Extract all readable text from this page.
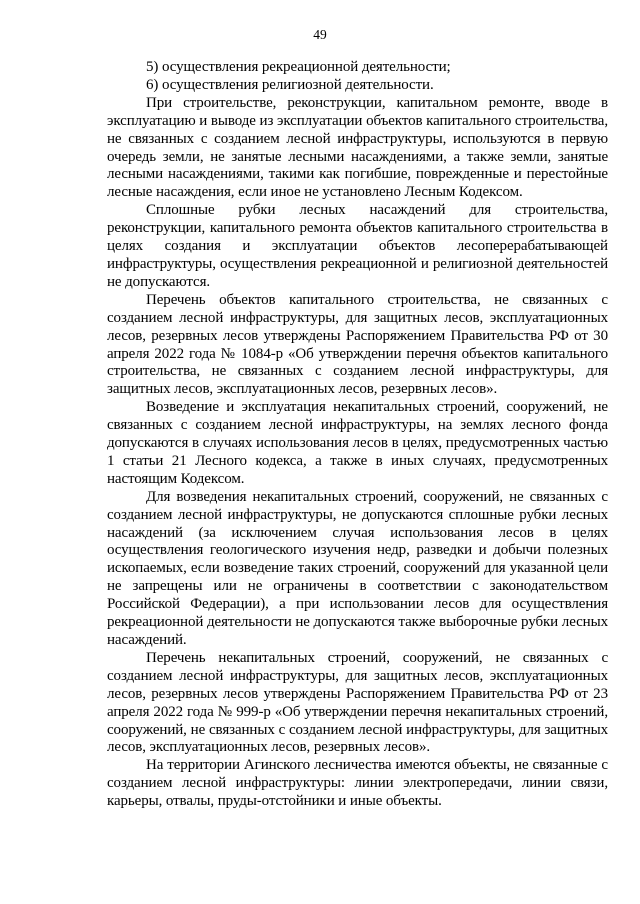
49

5) осуществления рекреационной деятельности;

6) осуществления религиозной деятельности.

При строительстве, реконструкции, капитальном ремонте, вводе в эксплуатацию и выводе из эксплуатации объектов капитального строительства, не связанных с созданием лесной инфраструктуры, используются в первую очередь земли, не занятые лесными насаждениями, а также земли, занятые лесными насаждениями, такими как погибшие, поврежденные и перестойные лесные насаждения, если иное не установлено Лесным Кодексом.

Сплошные рубки лесных насаждений для строительства, реконструкции, капитального ремонта объектов капитального строительства в целях создания и эксплуатации объектов лесоперерабатывающей инфраструктуры, осуществления рекреационной и религиозной деятельностей не допускаются.

Перечень объектов капитального строительства, не связанных с созданием лесной инфраструктуры, для защитных лесов, эксплуатационных лесов, резервных лесов утверждены Распоряжением Правительства РФ от 30 апреля 2022 года № 1084-р «Об утверждении перечня объектов капитального строительства, не связанных с созданием лесной инфраструктуры, для защитных лесов, эксплуатационных лесов, резервных лесов».

Возведение и эксплуатация некапитальных строений, сооружений, не связанных с созданием лесной инфраструктуры, на землях лесного фонда допускаются в случаях использования лесов в целях, предусмотренных частью 1 статьи 21 Лесного кодекса, а также в иных случаях, предусмотренных настоящим Кодексом.

Для возведения некапитальных строений, сооружений, не связанных с созданием лесной инфраструктуры, не допускаются сплошные рубки лесных насаждений (за исключением случая использования лесов в целях осуществления геологического изучения недр, разведки и добычи полезных ископаемых, если возведение таких строений, сооружений для указанной цели не запрещены или не ограничены в соответствии с законодательством Российской Федерации), а при использовании лесов для осуществления рекреационной деятельности не допускаются также выборочные рубки лесных насаждений.

Перечень некапитальных строений, сооружений, не связанных с созданием лесной инфраструктуры, для защитных лесов, эксплуатационных лесов, резервных лесов утверждены Распоряжением Правительства РФ от 23 апреля 2022 года № 999-р «Об утверждении перечня некапитальных строений, сооружений, не связанных с созданием лесной инфраструктуры, для защитных лесов, эксплуатационных лесов, резервных лесов».

На территории Агинского лесничества имеются объекты, не связанные с созданием лесной инфраструктуры: линии электропередачи, линии связи, карьеры, отвалы, пруды-отстойники и иные объекты.
